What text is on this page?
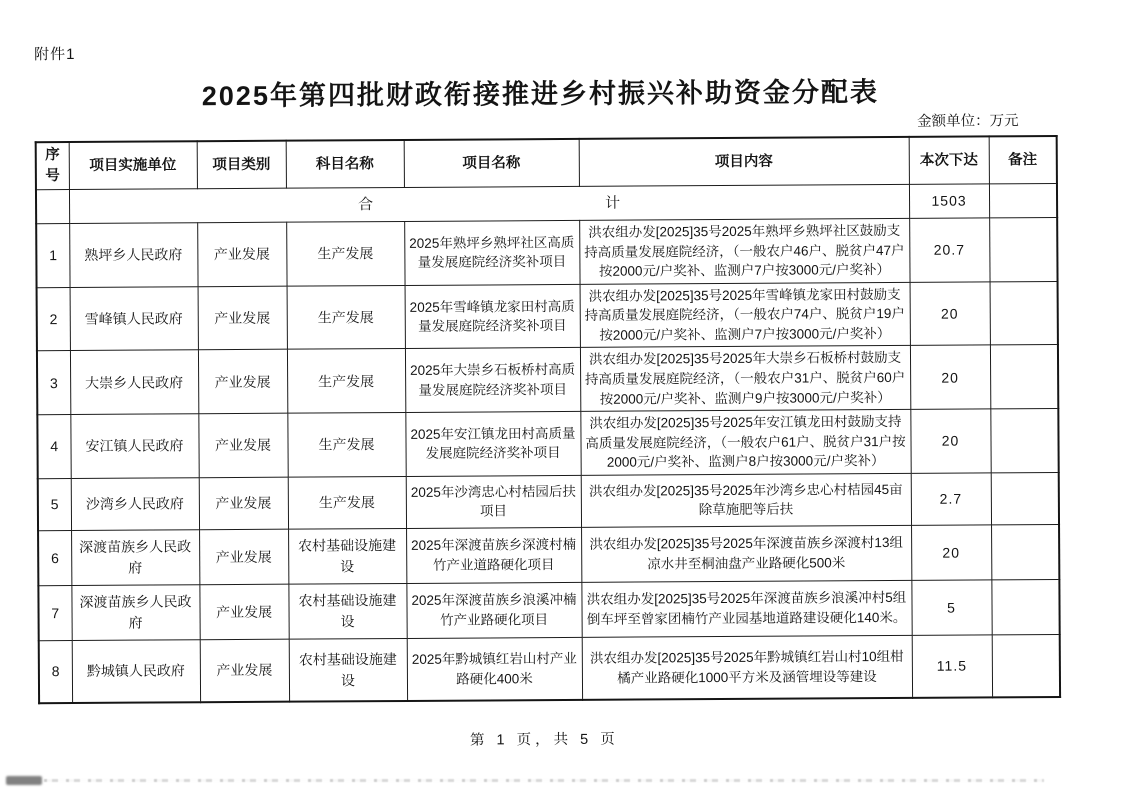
附件1
2025年第四批财政衔接推进乡村振兴补助资金分配表
金额单位：万元
序号	项目实施单位	项目类别	科目名称	项目名称	项目内容	本次下达	备注
	合计					1503	
1	熟坪乡人民政府	产业发展	生产发展	2025年熟坪乡熟坪社区高质量发展庭院经济奖补项目	洪农组办发[2025]35号2025年熟坪乡熟坪社区鼓励支持高质量发展庭院经济，（一般农户46户、脱贫户47户按2000元/户奖补、监测户7户按3000元/户奖补）	20.7	
2	雪峰镇人民政府	产业发展	生产发展	2025年雪峰镇龙家田村高质量发展庭院经济奖补项目	洪农组办发[2025]35号2025年雪峰镇龙家田村鼓励支持高质量发展庭院经济，（一般农户74户、脱贫户19户按2000元/户奖补、监测户7户按3000元/户奖补）	20	
3	大崇乡人民政府	产业发展	生产发展	2025年大崇乡石板桥村高质量发展庭院经济奖补项目	洪农组办发[2025]35号2025年大崇乡石板桥村鼓励支持高质量发展庭院经济，（一般农户31户、脱贫户60户按2000元/户奖补、监测户9户按3000元/户奖补）	20	
4	安江镇人民政府	产业发展	生产发展	2025年安江镇龙田村高质量发展庭院经济奖补项目	洪农组办发[2025]35号2025年安江镇龙田村鼓励支持高质量发展庭院经济，（一般农户61户、脱贫户31户按2000元/户奖补、监测户8户按3000元/户奖补）	20	
5	沙湾乡人民政府	产业发展	生产发展	2025年沙湾忠心村桔园后扶项目	洪农组办发[2025]35号2025年沙湾乡忠心村桔园45亩除草施肥等后扶	2.7	
6	深渡苗族乡人民政府	产业发展	农村基础设施建设	2025年深渡苗族乡深渡村楠竹产业道路硬化项目	洪农组办发[2025]35号2025年深渡苗族乡深渡村13组凉水井至桐油盘产业路硬化500米	20	
7	深渡苗族乡人民政府	产业发展	农村基础设施建设	2025年深渡苗族乡浪溪冲楠竹产业路硬化项目	洪农组办发[2025]35号2025年深渡苗族乡浪溪冲村5组倒车坪至曾家团楠竹产业园基地道路建设硬化140米。	5	
8	黔城镇人民政府	产业发展	农村基础设施建设	2025年黔城镇红岩山村产业路硬化400米	洪农组办发[2025]35号2025年黔城镇红岩山村10组柑橘产业路硬化1000平方米及涵管埋设等建设	11.5	
第 1 页，共 5 页
